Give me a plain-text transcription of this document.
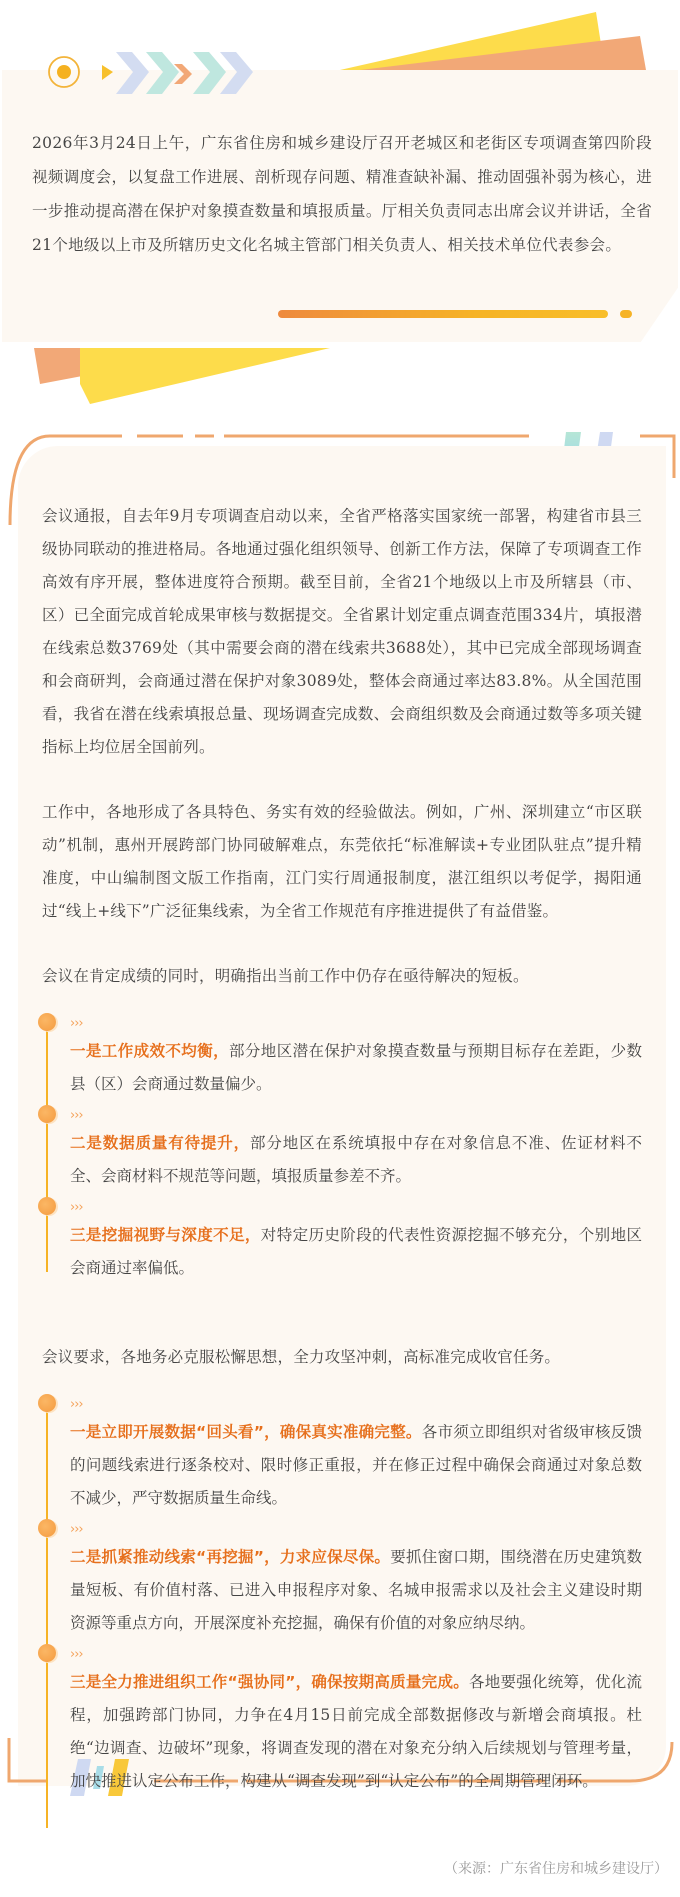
2026年3月24日上午，广东省住房和城乡建设厅召开老城区和老街区专项调查第四阶段视频调度会，以复盘工作进展、剖析现存问题、精准查缺补漏、推动固强补弱为核心，进一步推动提高潜在保护对象摸查数量和填报质量。厅相关负责同志出席会议并讲话，全省21个地级以上市及所辖历史文化名城主管部门相关负责人、相关技术单位代表参会。

会议通报，自去年9月专项调查启动以来，全省严格落实国家统一部署，构建省市县三级协同联动的推进格局。各地通过强化组织领导、创新工作方法，保障了专项调查工作高效有序开展，整体进度符合预期。截至目前，全省21个地级以上市及所辖县（市、区）已全面完成首轮成果审核与数据提交。全省累计划定重点调查范围334片，填报潜在线索总数3769处（其中需要会商的潜在线索共3688处），其中已完成全部现场调查和会商研判，会商通过潜在保护对象3089处，整体会商通过率达83.8%。从全国范围看，我省在潜在线索填报总量、现场调查完成数、会商组织数及会商通过数等多项关键指标上均位居全国前列。

工作中，各地形成了各具特色、务实有效的经验做法。例如，广州、深圳建立“市区联动”机制，惠州开展跨部门协同破解难点，东莞依托“标准解读+专业团队驻点”提升精准度，中山编制图文版工作指南，江门实行周通报制度，湛江组织以考促学，揭阳通过“线上+线下”广泛征集线索，为全省工作规范有序推进提供了有益借鉴。

会议在肯定成绩的同时，明确指出当前工作中仍存在亟待解决的短板。

›››

一是工作成效不均衡，部分地区潜在保护对象摸查数量与预期目标存在差距，少数县（区）会商通过数量偏少。

›››

二是数据质量有待提升，部分地区在系统填报中存在对象信息不准、佐证材料不全、会商材料不规范等问题，填报质量参差不齐。

›››

三是挖掘视野与深度不足，对特定历史阶段的代表性资源挖掘不够充分，个别地区会商通过率偏低。

会议要求，各地务必克服松懈思想，全力攻坚冲刺，高标准完成收官任务。

›››

一是立即开展数据“回头看”，确保真实准确完整。各市须立即组织对省级审核反馈的问题线索进行逐条校对、限时修正重报，并在修正过程中确保会商通过对象总数不减少，严守数据质量生命线。

›››

二是抓紧推动线索“再挖掘”，力求应保尽保。要抓住窗口期，围绕潜在历史建筑数量短板、有价值村落、已进入申报程序对象、名城申报需求以及社会主义建设时期资源等重点方向，开展深度补充挖掘，确保有价值的对象应纳尽纳。

›››

三是全力推进组织工作“强协同”，确保按期高质量完成。各地要强化统筹，优化流程，加强跨部门协同，力争在4月15日前完成全部数据修改与新增会商填报。杜绝“边调查、边破坏”现象，将调查发现的潜在对象充分纳入后续规划与管理考量，加快推进认定公布工作，构建从“调查发现”到“认定公布”的全周期管理闭环。

（来源：广东省住房和城乡建设厅）
